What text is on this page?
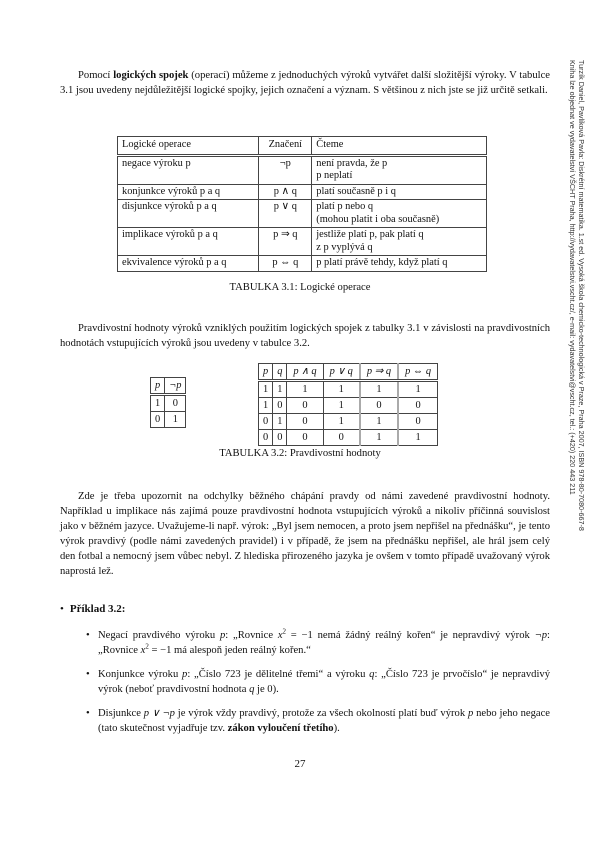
Pomocí logických spojek (operací) můžeme z jednoduchých výroků vytvářet další složitější výroky. V tabulce 3.1 jsou uvedeny nejdůležitější logické spojky, jejich označení a význam. S většinou z nich jste se již určitě setkali.

Logické operace	Značení	Čteme
negace výroku p	¬p	není pravda, že p
p neplatí

konjunkce výroků p a q	p ∧ q	platí současně p i q

disjunkce výroků p a q	p ∨ q	platí p nebo q
(mohou platit i oba současně)

implikace výroků p a q	p ⇒ q	jestliže platí p, pak platí q
z p vyplývá q

ekvivalence výroků p a q	p ⇔ q	p platí právě tehdy, když platí q
TABULKA 3.1: Logické operace

Pravdivostní hodnoty výroků vzniklých použitím logických spojek z tabulky 3.1 v závislosti na pravdivostních hodnotách vstupujících výroků jsou uvedeny v tabulce 3.2.

p	¬p
1	0
0	1
p	q	p ∧ q	p ∨ q	p ⇒ q	p ⇔ q
1	1	1	1	1	1
1	0	0	1	0	0
0	1	0	1	1	0
0	0	0	0	1	1
TABULKA 3.2: Pravdivostní hodnoty

Zde je třeba upozornit na odchylky běžného chápání pravdy od námi zavedené pravdivostní hodnoty. Například u implikace nás zajímá pouze pravdivostní hodnota vstupujících výroků a nikoliv příčinná souvislost jako v běžném jazyce. Uvažujeme-li např. výrok: „Byl jsem nemocen, a proto jsem nepřišel na přednášku“, je tento výrok pravdivý (podle námi zavedených pravidel) i v případě, že jsem na přednášku nepřišel, ale hrál jsem celý den fotbal a nemocný jsem vůbec nebyl. Z hlediska přirozeného jazyka je ovšem v tomto případě uvažovaný výrok naprostá lež.

• Příklad 3.2:
• Negací pravdivého výroku p: „Rovnice $x^2 = -1$ nemá žádný reálný kořen“ je nepravdivý výrok ¬p: „Rovnice $x^2 = -1$ má alespoň jeden reálný kořen.“
• Konjunkce výroku p: „Číslo 723 je dělitelné třemi“ a výroku q: „Číslo 723 je prvočíslo“ je nepravdivý výrok (neboť pravdivostní hodnota q je 0).
• Disjunkce p ∨ ¬p je výrok vždy pravdivý, protože za všech okolností platí buď výrok p nebo jeho negace (tato skutečnost vyjadřuje tzv. zákon vyloučení třetího).
27
Turzík Daniel, Pavlíková Pavla: Diskrétní matematika. 1.st ed. Vysoká škola chemicko-technologická v Praze, Praha 2007, ISBN 978-80-7080-667-8
Kniha lze objednat ve vydavatelství VŠCHT Praha, http://vydavatelstvi.vscht.cz/, e-mail: vydavatelstvi@vscht.cz, tel.: (+420) 220 443 211
